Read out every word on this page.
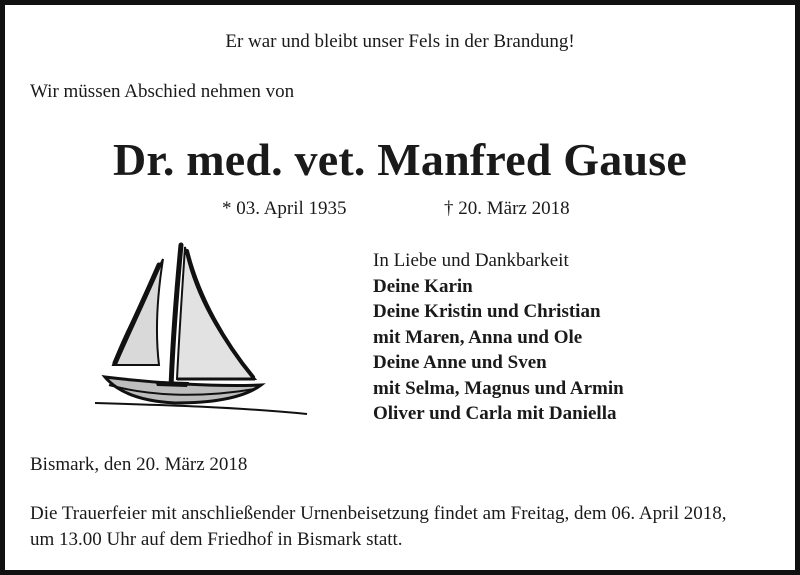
Er war und bleibt unser Fels in der Brandung!
Wir müssen Abschied nehmen von
Dr. med. vet. Manfred Gause
* 03. April 1935	† 20. März 2018
In Liebe und Dankbarkeit
Deine Karin
Deine Kristin und Christian
mit Maren, Anna und Ole
Deine Anne und Sven
mit Selma, Magnus und Armin
Oliver und Carla mit Daniella
Bismark, den 20. März 2018
Die Trauerfeier mit anschließender Urnenbeisetzung findet am Freitag, dem 06. April 2018,
um 13.00 Uhr auf dem Friedhof in Bismark statt.
